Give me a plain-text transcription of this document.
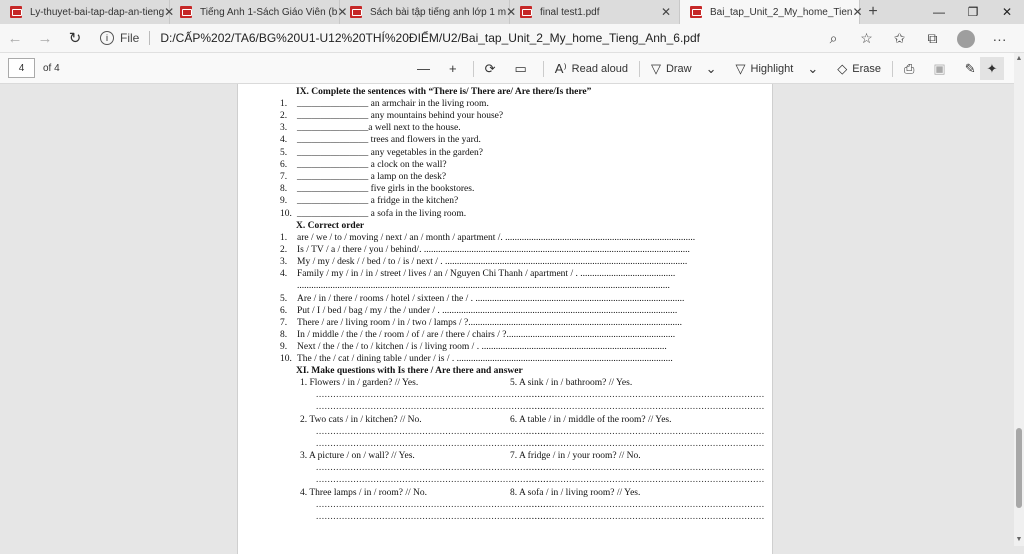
Ly-thuyet-bai-tap-dap-an-tieng ✕	Tiếng Anh 1-Sách Giáo Viên (b ✕ Sách bài tập tiếng anh lớp 1 m ✕ final test1.pdf	✕	Bai_tap_Unit_2_My_home_Tien ✕ +	—	❐	✕
←	→	↻	i	File	D:/CẤP%202/TA6/BG%20U1-U12%20THÍ%20ĐIỂM/U2/Bai_tap_Unit_2_My_home_Tieng_Anh_6.pdf	⌕	☆	✩	⧉	···
4	of 4	— + ⟳ ▭ A⁾ Read aloud ▽ Draw ⌄ ▽ Highlight ⌄ ◇ Erase ⎙ ▣ ✎ ✦
IX. Complete the sentences with “There is/ There are/ Are there/Is there”
1. _______________ an armchair in the living room.
2. _______________ any mountains behind your house?
3. _______________a well next to the house.
4. _______________ trees and flowers in the yard.
5. _______________ any vegetables in the garden?
6. _______________ a clock on the wall?
7. _______________ a lamp on the desk?
8. _______________ five girls in the bookstores.
9. _______________ a fridge in the kitchen?
10. _______________ a sofa in the living room.
X. Correct order
1. are / we / to / moving / next / an / month / apartment /. ................................................................................
2. Is / TV / a / there / you / behind/. ................................................................................................................
3. My / my / desk / / bed / to / is / next / . ......................................................................................................
4. Family / my / in / in / street / lives / an / Nguyen Chi Thanh / apartment / . ........................................
.............................................................................................................................................................
5. Are / in / there / rooms / hotel / sixteen / the / . ........................................................................................
6. Put / I / bed / bag / my / the / under / . ...................................................................................................
7. There / are / living room / in / two / lamps / ?..........................................................................................
8. In / middle / the / the / room / of / are / there / chairs / ?.......................................................................
9. Next / the / the / to / kitchen / is / living room / . ..............................................................................
10. The / the / cat / dining table / under / is / . ...........................................................................................
XI. Make questions with Is there / Are there and answer
1. Flowers / in / garden? // Yes.	5. A sink / in / bathroom? // Yes.
...................................................................................
...................................................................................
...................................................................................
...................................................................................
2. Two cats / in / kitchen? // No.	6. A table / in / middle of the room? // Yes.
...................................................................................
...................................................................................
...................................................................................
...................................................................................
3. A picture / on / wall? // Yes.	7. A fridge / in / your room? // No.
...................................................................................
...................................................................................
...................................................................................
...................................................................................
4. Three lamps / in / room? // No.	8. A sofa / in / living room? // Yes.
...................................................................................
...................................................................................
...................................................................................
...................................................................................
▲
▼
